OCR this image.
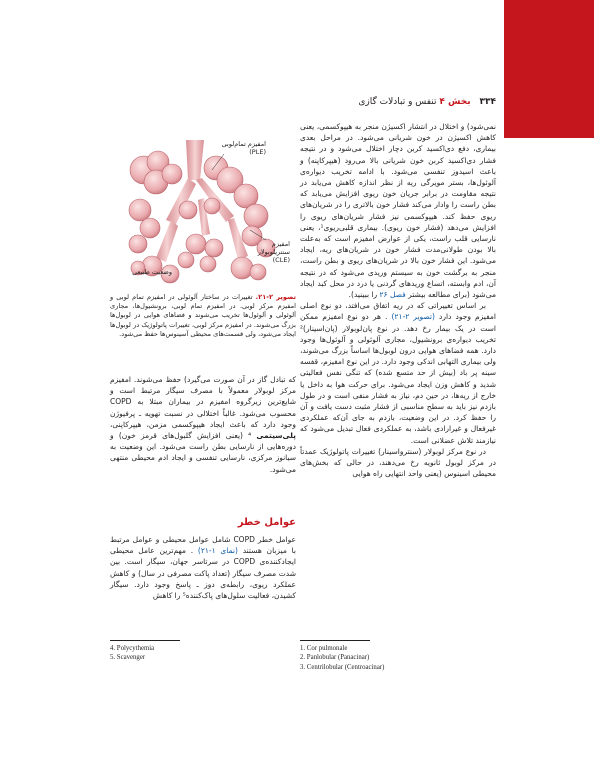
۳۳۴ بخش ۴ تنفس و تبادلات گازی
امفیزم تمام‌لوبی
(PLE)
امفیزم
سنتریلوبولار
(CLE)
وضعیت طبیعی
تصویر ۲-۲۱. تغییرات در ساختار آلوئولی در امفیزم تمام لوبی و امفیزم مرکز لوبی. در امفیزم تمام لوبی، برونشیول‌ها، مجاری آلوئولی و آلوئول‌ها تخریب می‌شوند و فضاهای هوایی در لوبول‌ها بزرگ می‌شوند. در امفیزم مرکز لوبی، تغییرات پاتولوژیک در لوبول‌ها ایجاد می‌شود، ولی قسمت‌های محیطی آسینوس‌ها حفظ می‌شود.

نمی‌شود) و اختلال در انتشار اکسیژن منجر به هیپوکسمی، یعنی کاهش اکسیژن در خون شریانی می‌شود. در مراحل بعدی بیماری، دفع دی‌اکسید کربن دچار اختلال می‌شود و در نتیجه فشار دی‌اکسید کربن خون شریانی بالا می‌رود (هیپرکاپنه) و باعث اسیدوز تنفسی می‌شود. با ادامه تخریب دیواره‌ی آلوئول‌ها، بستر مویرگی ریه از نظر اندازه کاهش می‌یابد در نتیجه مقاومت در برابر جریان خون ریوی افزایش می‌یابد که بطن راست را وادار می‌کند فشار خون بالاتری را در شریان‌های ریوی حفظ کند. هیپوکسمی نیز فشار شریان‌های ریوی را افزایش می‌دهد (فشار خون ریوی). بیماری قلبی‌ریوی¹، یعنی نارسایی قلب راست، یکی از عوارض امفیزم است که به‌علت بالا بودن طولانی‌مدت فشار خون در شریان‌های ریه، ایجاد می‌شود. این فشار خون بالا در شریان‌های ریوی و بطن راست، منجر به برگشت خون به سیستم وریدی می‌شود که در نتیجه آن، ادم وابسته، اتساع وریدهای گردنی یا درد در محل کبد ایجاد می‌شود (برای مطالعه بیشتر فصل ۲۶ را ببینید).

بر اساس تغییراتی که در ریه اتفاق می‌افتد، دو نوع اصلی امفیزم وجود دارد (تصویر ۲-۲۱) . هر دو نوع امفیزم ممکن است در یک بیمار رخ دهد. در نوع پان‌لوبولار (پان‌اسینار)² تخریب دیواره‌ی برونشیول، مجاری آلوئولی و آلوئول‌ها وجود دارد. همه فضاهای هوایی درون لوبول‌ها اساساً بزرگ می‌شوند، ولی بیماری التهابی اندکی وجود دارد. در این نوع امفیزم، قفسه سینه پر باد (بیش از حد متسع شده) که تنگی نفس فعالیتی شدید و کاهش وزن ایجاد می‌شود. برای حرکت هوا به داخل یا خارج از ریه‌ها، در حین دم، نیاز به فشار منفی است و در طول بازدم نیز باید به سطح مناسبی از فشار مثبت دست یافت و آن را حفظ کرد. در این وضعیت، بازدم به جای آن‌که عملکردی غیرفعال و غیرارادی باشد، به عملکردی فعال تبدیل می‌شود که نیازمند تلاش عضلانی است.

در نوع مرکز لوبولار (سنترواسینار) تغییرات پاتولوژیک عمدتاً در مرکز لوبول ثانویه رخ می‌دهند، در حالی که بخش‌های محیطی اسینوس (یعنی واحد انتهایی راه هوایی

که تبادل گاز در آن صورت می‌گیرد) حفظ می‌شوند. امفیزم مرکز لوبولار معمولاً با مصرف سیگار مرتبط است و شایع‌ترین زیرگروه امفیزم در بیماران مبتلا به COPD محسوب می‌شود. غالباً اختلالی در نسبت تهویه ـ پرفیوژن وجود دارد که باعث ایجاد هیپوکسمی مزمن، هیپرکاپنی، پلی‌سیتمی ⁴ (یعنی افزایش گلبول‌های قرمز خون) و دوره‌هایی از نارسایی بطن راست می‌شود. این وضعیت به سیانوز مرکزی، نارسایی تنفسی و ایجاد ادم محیطی منتهی می‌شود.

عوامل خطر

عوامل خطر COPD شامل عوامل محیطی و عوامل مرتبط با میزبان هستند (نمای ۱-۲۱) . مهم‌ترین عامل محیطی ایجادکننده‌ی COPD در سرتاسر جهان، سیگار است. بین شدت مصرف سیگار (تعداد پاکت مصرفی در سال) و کاهش عملکرد ریوی، رابطه‌ی دوز ـ پاسخ وجود دارد. سیگار کشیدن، فعالیت سلول‌های پاک‌کننده⁵ را کاهش

4. Polycythemia
5. Scavenger
1. Cor pulmonale
2. Panlobular (Panacinar)
3. Centrilobular (Centroacinar)
